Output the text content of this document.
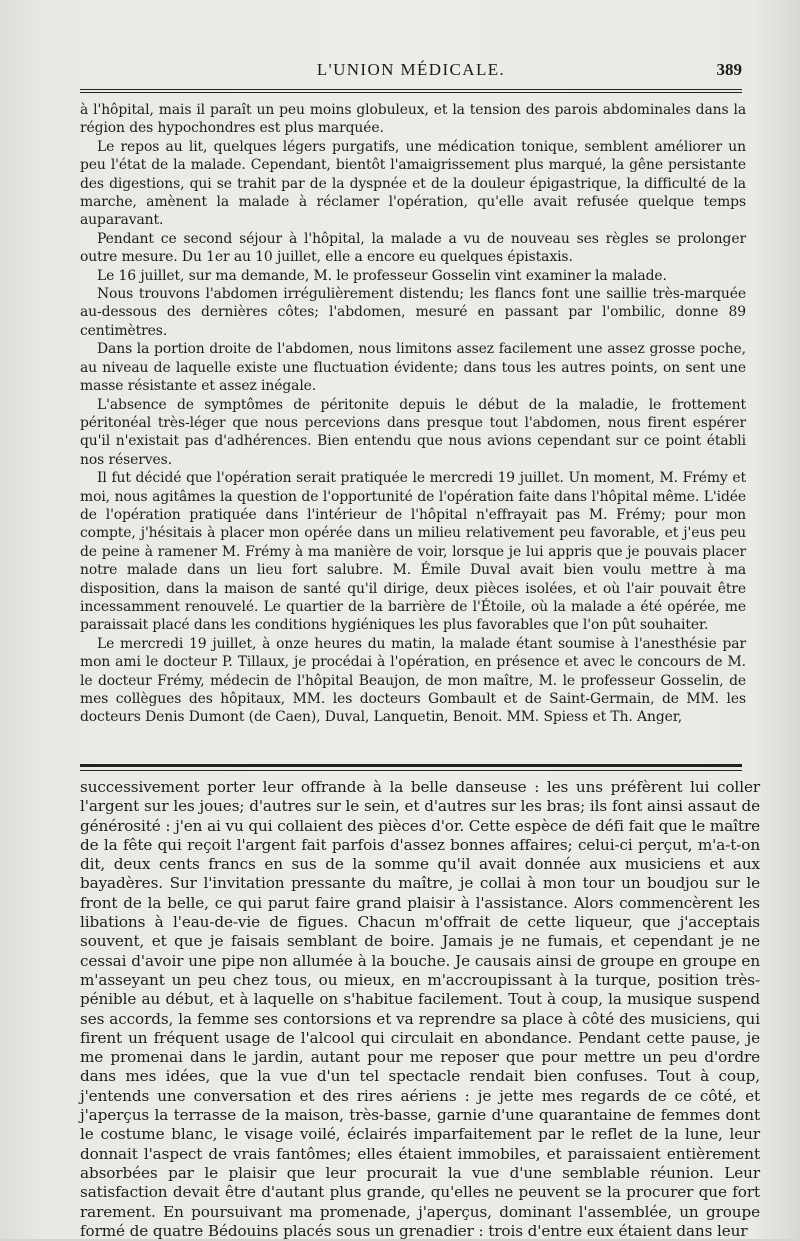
L'UNION MÉDICALE.	389

à l'hôpital, mais il paraît un peu moins globuleux, et la tension des parois abdominales dans la région des hypochondres est plus marquée.

Le repos au lit, quelques légers purgatifs, une médication tonique, semblent améliorer un peu l'état de la malade. Cependant, bientôt l'amaigrissement plus marqué, la gêne persistante des digestions, qui se trahit par de la dyspnée et de la douleur épigastrique, la difficulté de la marche, amènent la malade à réclamer l'opération, qu'elle avait refusée quelque temps auparavant.

Pendant ce second séjour à l'hôpital, la malade a vu de nouveau ses règles se prolonger outre mesure. Du 1er au 10 juillet, elle a encore eu quelques épistaxis.

Le 16 juillet, sur ma demande, M. le professeur Gosselin vint examiner la malade.

Nous trouvons l'abdomen irrégulièrement distendu; les flancs font une saillie très-marquée au-dessous des dernières côtes; l'abdomen, mesuré en passant par l'ombilic, donne 89 centimètres.

Dans la portion droite de l'abdomen, nous limitons assez facilement une assez grosse poche, au niveau de laquelle existe une fluctuation évidente; dans tous les autres points, on sent une masse résistante et assez inégale.

L'absence de symptômes de péritonite depuis le début de la maladie, le frottement péritonéal très-léger que nous percevions dans presque tout l'abdomen, nous firent espérer qu'il n'existait pas d'adhérences. Bien entendu que nous avions cependant sur ce point établi nos réserves.

Il fut décidé que l'opération serait pratiquée le mercredi 19 juillet. Un moment, M. Frémy et moi, nous agitâmes la question de l'opportunité de l'opération faite dans l'hôpital même. L'idée de l'opération pratiquée dans l'intérieur de l'hôpital n'effrayait pas M. Frémy; pour mon compte, j'hésitais à placer mon opérée dans un milieu relativement peu favorable, et j'eus peu de peine à ramener M. Frémy à ma manière de voir, lorsque je lui appris que je pouvais placer notre malade dans un lieu fort salubre. M. Émile Duval avait bien voulu mettre à ma disposition, dans la maison de santé qu'il dirige, deux pièces isolées, et où l'air pouvait être incessamment renouvelé. Le quartier de la barrière de l'Étoile, où la malade a été opérée, me paraissait placé dans les conditions hygiéniques les plus favorables que l'on pût souhaiter.

Le mercredi 19 juillet, à onze heures du matin, la malade étant soumise à l'anesthésie par mon ami le docteur P. Tillaux, je procédai à l'opération, en présence et avec le concours de M. le docteur Frémy, médecin de l'hôpital Beaujon, de mon maître, M. le professeur Gosselin, de mes collègues des hôpitaux, MM. les docteurs Gombault et de Saint-Germain, de MM. les docteurs Denis Dumont (de Caen), Duval, Lanquetin, Benoit. MM. Spiess et Th. Anger,

successivement porter leur offrande à la belle danseuse : les uns préfèrent lui coller l'argent sur les joues; d'autres sur le sein, et d'autres sur les bras; ils font ainsi assaut de générosité : j'en ai vu qui collaient des pièces d'or. Cette espèce de défi fait que le maître de la fête qui reçoit l'argent fait parfois d'assez bonnes affaires; celui-ci perçut, m'a-t-on dit, deux cents francs en sus de la somme qu'il avait donnée aux musiciens et aux bayadères. Sur l'invitation pressante du maître, je collai à mon tour un boudjou sur le front de la belle, ce qui parut faire grand plaisir à l'assistance. Alors commencèrent les libations à l'eau-de-vie de figues. Chacun m'offrait de cette liqueur, que j'acceptais souvent, et que je faisais semblant de boire. Jamais je ne fumais, et cependant je ne cessai d'avoir une pipe non allumée à la bouche. Je causais ainsi de groupe en groupe en m'asseyant un peu chez tous, ou mieux, en m'accroupissant à la turque, position très-pénible au début, et à laquelle on s'habitue facilement. Tout à coup, la musique suspend ses accords, la femme ses contorsions et va reprendre sa place à côté des musiciens, qui firent un fréquent usage de l'alcool qui circulait en abondance. Pendant cette pause, je me promenai dans le jardin, autant pour me reposer que pour mettre un peu d'ordre dans mes idées, que la vue d'un tel spectacle rendait bien confuses. Tout à coup, j'entends une conversation et des rires aériens : je jette mes regards de ce côté, et j'aperçus la terrasse de la maison, très-basse, garnie d'une quarantaine de femmes dont le costume blanc, le visage voilé, éclairés imparfaitement par le reflet de la lune, leur donnait l'aspect de vrais fantômes; elles étaient immobiles, et paraissaient entièrement absorbées par le plaisir que leur procurait la vue d'une semblable réunion. Leur satisfaction devait être d'autant plus grande, qu'elles ne peuvent se la procurer que fort rarement. En poursuivant ma promenade, j'aperçus, dominant l'assemblée, un groupe formé de quatre Bédouins placés sous un grenadier : trois d'entre eux étaient dans leur
